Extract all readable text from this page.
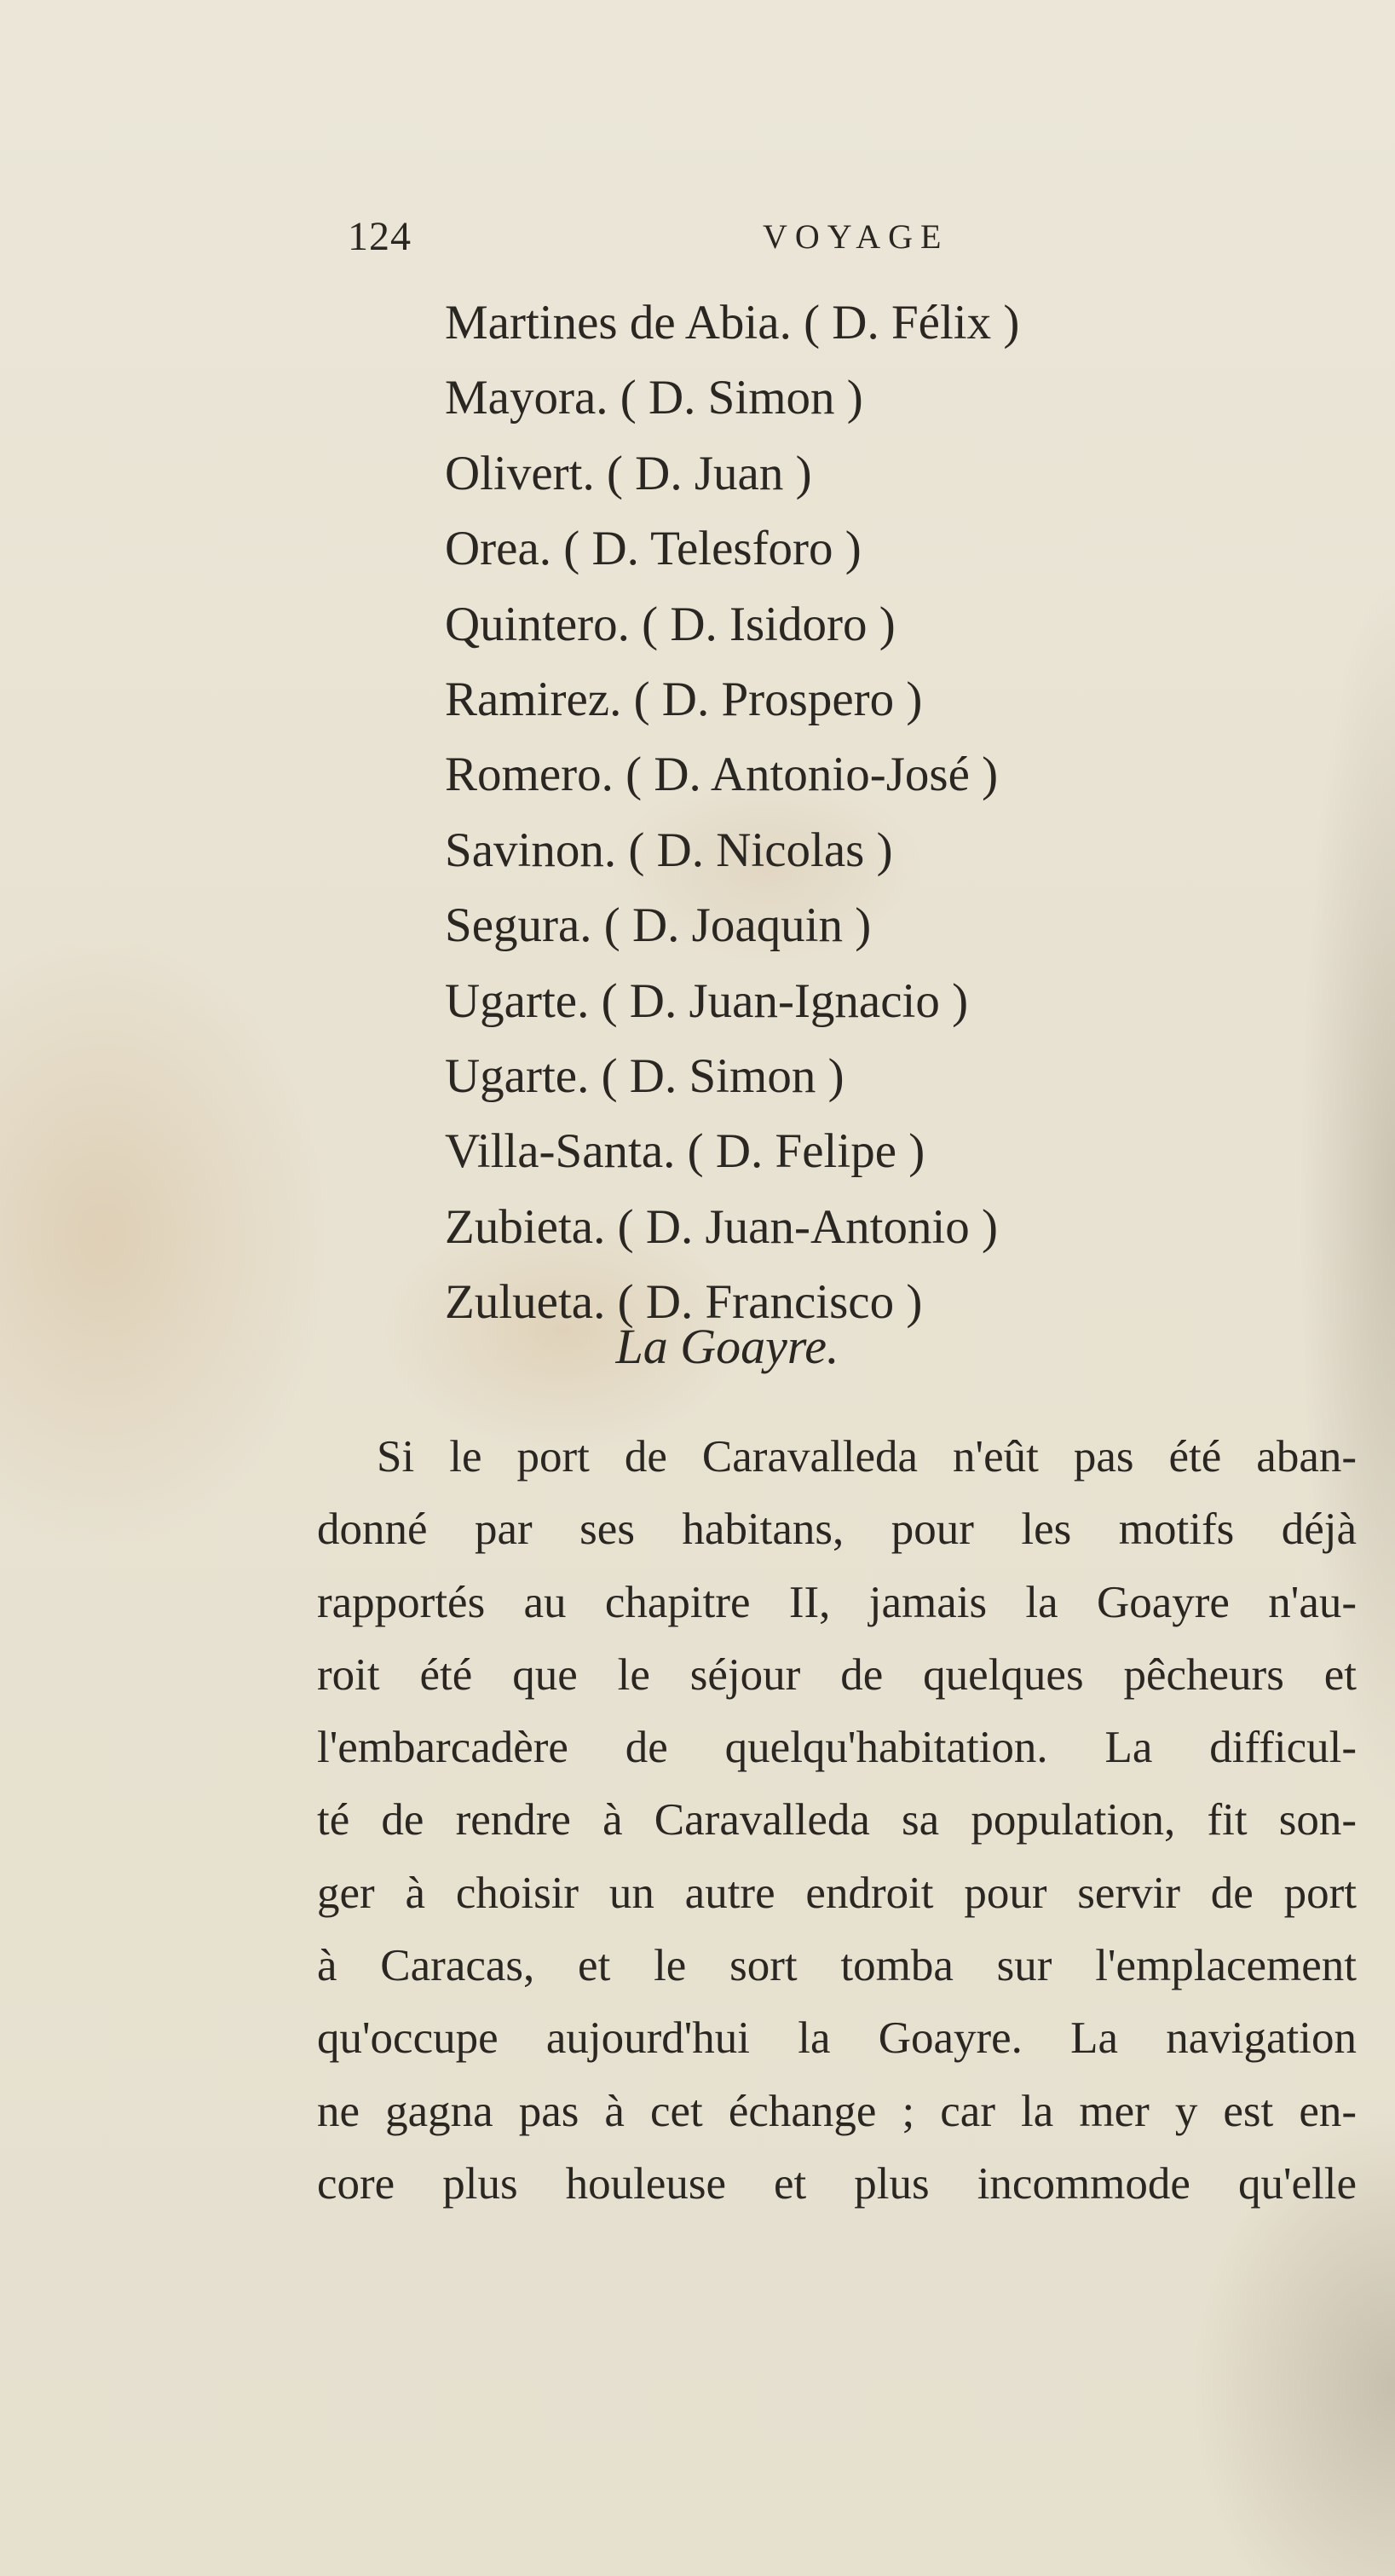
124	VOYAGE
Martines de Abia. ( D. Félix )
Mayora. ( D. Simon )
Olivert. ( D. Juan )
Orea. ( D. Telesforo )
Quintero. ( D. Isidoro )
Ramirez. ( D. Prospero )
Romero. ( D. Antonio-José )
Savinon. ( D. Nicolas )
Segura. ( D. Joaquin )
Ugarte. ( D. Juan-Ignacio )
Ugarte. ( D. Simon )
Villa-Santa. ( D. Felipe )
Zubieta. ( D. Juan-Antonio )
Zulueta. ( D. Francisco )
La Goayre.
Si le port de Caravalleda n'eût pas été aban-
donné par ses habitans, pour les motifs déjà
rapportés au chapitre II, jamais la Goayre n'au-
roit été que le séjour de quelques pêcheurs et
l'embarcadère de quelqu'habitation. La difficul-
té de rendre à Caravalleda sa population, fit son-
ger à choisir un autre endroit pour servir de port
à Caracas, et le sort tomba sur l'emplacement
qu'occupe aujourd'hui la Goayre. La navigation
ne gagna pas à cet échange ; car la mer y est en-
core plus houleuse et plus incommode qu'elle
